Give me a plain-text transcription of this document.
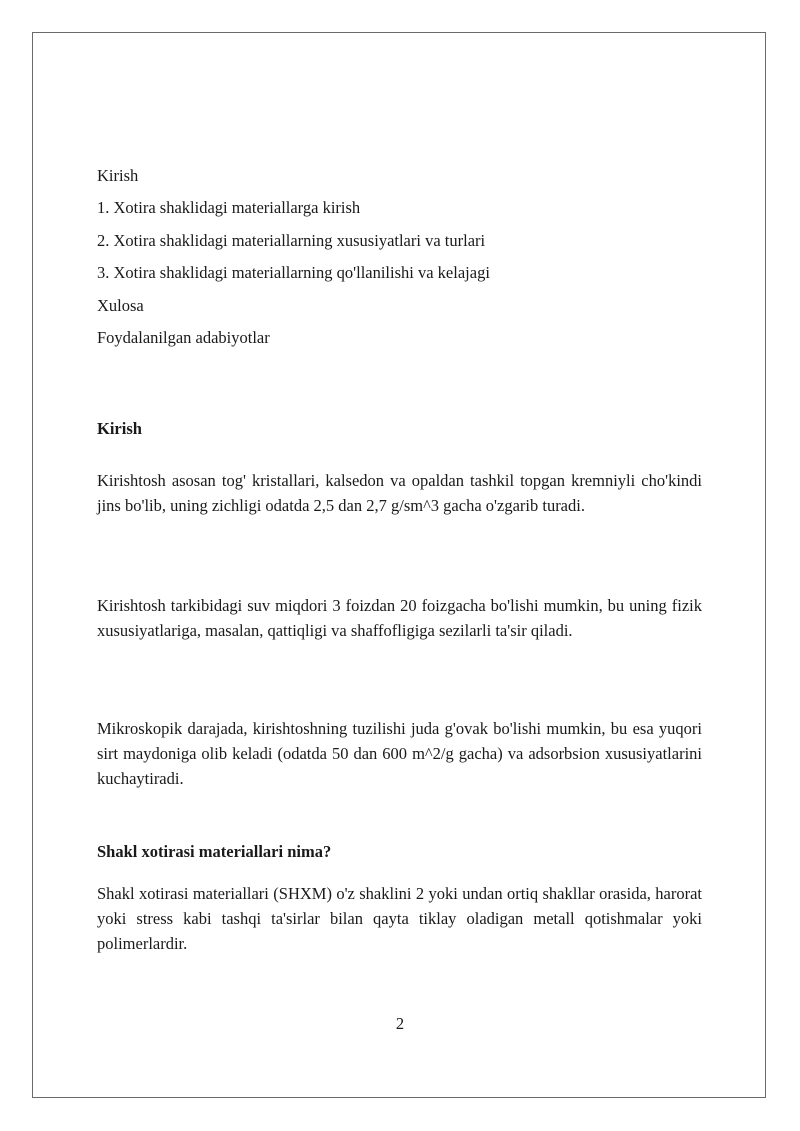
Kirish
1. Xotira shaklidagi materiallarga kirish
2. Xotira shaklidagi materiallarning xususiyatlari va turlari
3. Xotira shaklidagi materiallarning qo'llanilishi va kelajagi
Xulosa
Foydalanilgan adabiyotlar
Kirish
Kirishtosh asosan tog' kristallari, kalsedon va opaldan tashkil topgan kremniyli cho'kindi jins bo'lib, uning zichligi odatda 2,5 dan 2,7 g/sm^3 gacha o'zgarib turadi.
Kirishtosh tarkibidagi suv miqdori 3 foizdan 20 foizgacha bo'lishi mumkin, bu uning fizik xususiyatlariga, masalan, qattiqligi va shaffofligiga sezilarli ta'sir qiladi.
Mikroskopik darajada, kirishtoshning tuzilishi juda g'ovak bo'lishi mumkin, bu esa yuqori sirt maydoniga olib keladi (odatda 50 dan 600 m^2/g gacha) va adsorbsion xususiyatlarini kuchaytiradi.
Shakl xotirasi materiallari nima?
Shakl xotirasi materiallari (SHXM) o'z shaklini 2 yoki undan ortiq shakllar orasida, harorat yoki stress kabi tashqi ta'sirlar bilan qayta tiklay oladigan metall qotishmalar yoki polimerlardir.
2
